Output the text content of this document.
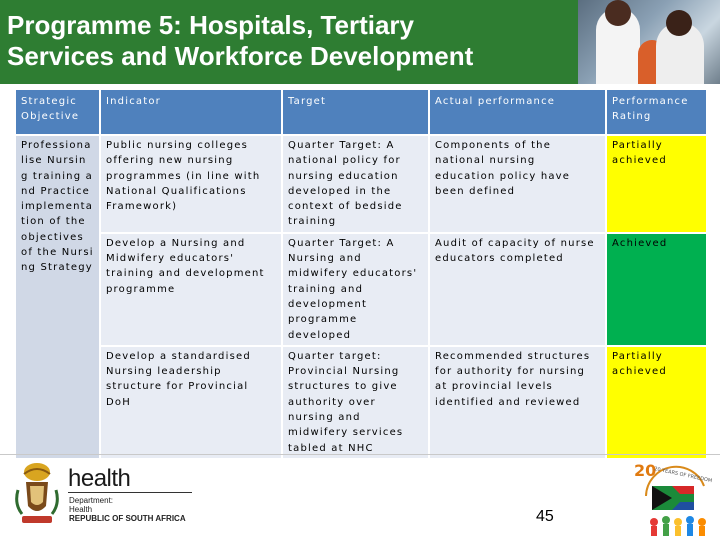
Programme 5: Hospitals, Tertiary
Services and Workforce Development
Strategic Objective	Indicator	Target	Actual performance	Performance Rating
Professionalise Nursing training and Practice implementation of the objectives of the Nursing Strategy	Public nursing colleges offering new nursing programmes (in line with National Qualifications Framework)	Quarter Target: A national policy for nursing education developed in the context of bedside training	Components of the national nursing education policy have been defined	Partially achieved
	Develop a Nursing and Midwifery educators' training and development programme	Quarter Target: A Nursing and midwifery educators' training and development programme developed	Audit of capacity of nurse educators completed	Achieved
	Develop a standardised Nursing leadership structure for Provincial DoH	Quarter target: Provincial Nursing structures to give authority over nursing and midwifery services tabled at NHC	Recommended structures for authority for nursing at provincial levels identified and reviewed	Partially achieved
health
Department:
Health
REPUBLIC OF SOUTH AFRICA	45
20
20 YEARS OF FREEDOM
